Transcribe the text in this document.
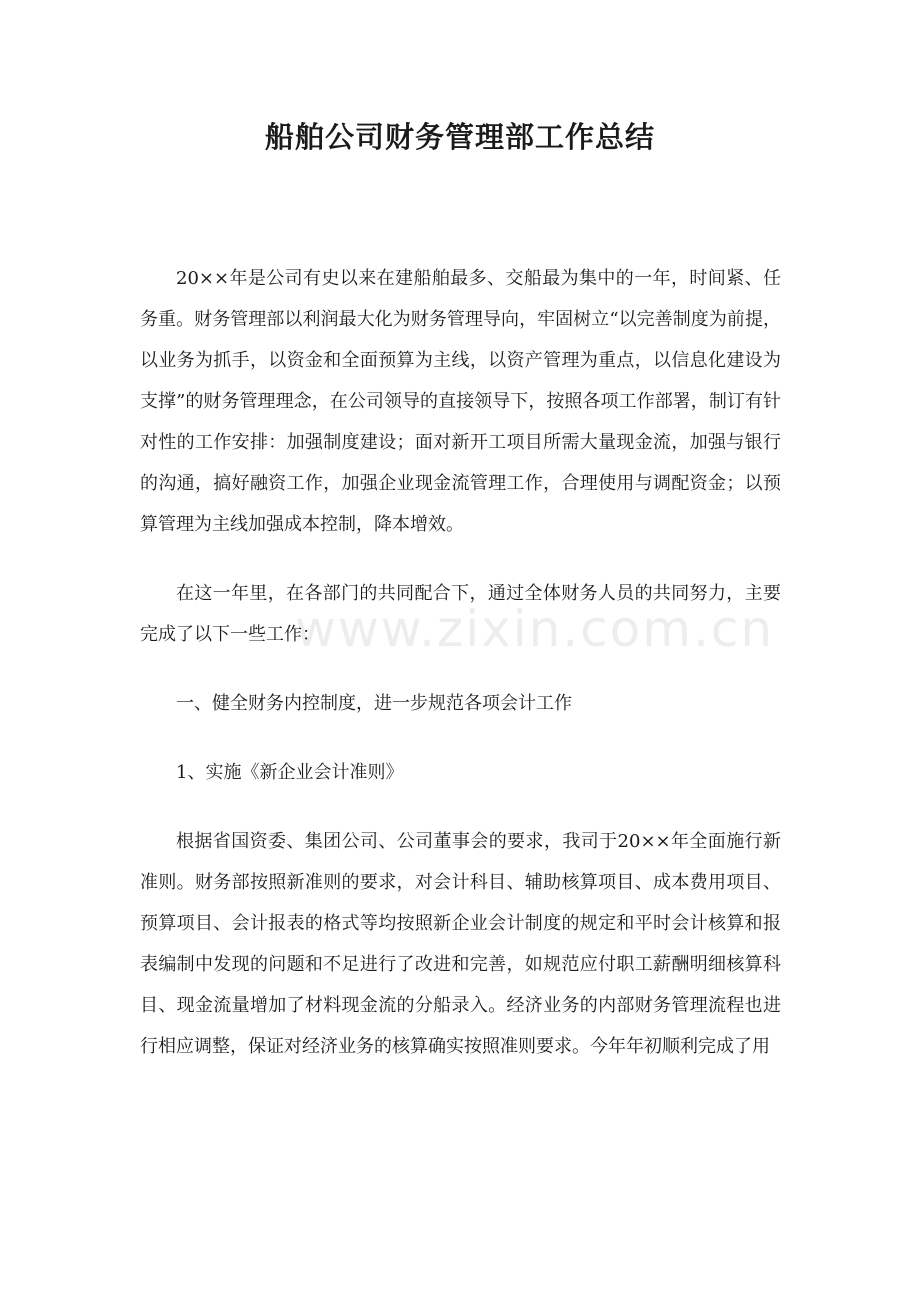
船舶公司财务管理部工作总结
www.zixin.com.cn

20××年是公司有史以来在建船舶最多、交船最为集中的一年，时间紧、任务重。财务管理部以利润最大化为财务管理导向，牢固树立“以完善制度为前提，以业务为抓手，以资金和全面预算为主线，以资产管理为重点，以信息化建设为支撑”的财务管理理念，在公司领导的直接领导下，按照各项工作部署，制订有针对性的工作安排：加强制度建设；面对新开工项目所需大量现金流，加强与银行的沟通，搞好融资工作，加强企业现金流管理工作，合理使用与调配资金；以预算管理为主线加强成本控制，降本增效。

在这一年里，在各部门的共同配合下，通过全体财务人员的共同努力，主要完成了以下一些工作：

一、健全财务内控制度，进一步规范各项会计工作

1、实施《新企业会计准则》

根据省国资委、集团公司、公司董事会的要求，我司于20××年全面施行新准则。财务部按照新准则的要求，对会计科目、辅助核算项目、成本费用项目、预算项目、会计报表的格式等均按照新企业会计制度的规定和平时会计核算和报表编制中发现的问题和不足进行了改进和完善，如规范应付职工薪酬明细核算科目、现金流量增加了材料现金流的分船录入。经济业务的内部财务管理流程也进行相应调整，保证对经济业务的核算确实按照准则要求。今年年初顺利完成了用
